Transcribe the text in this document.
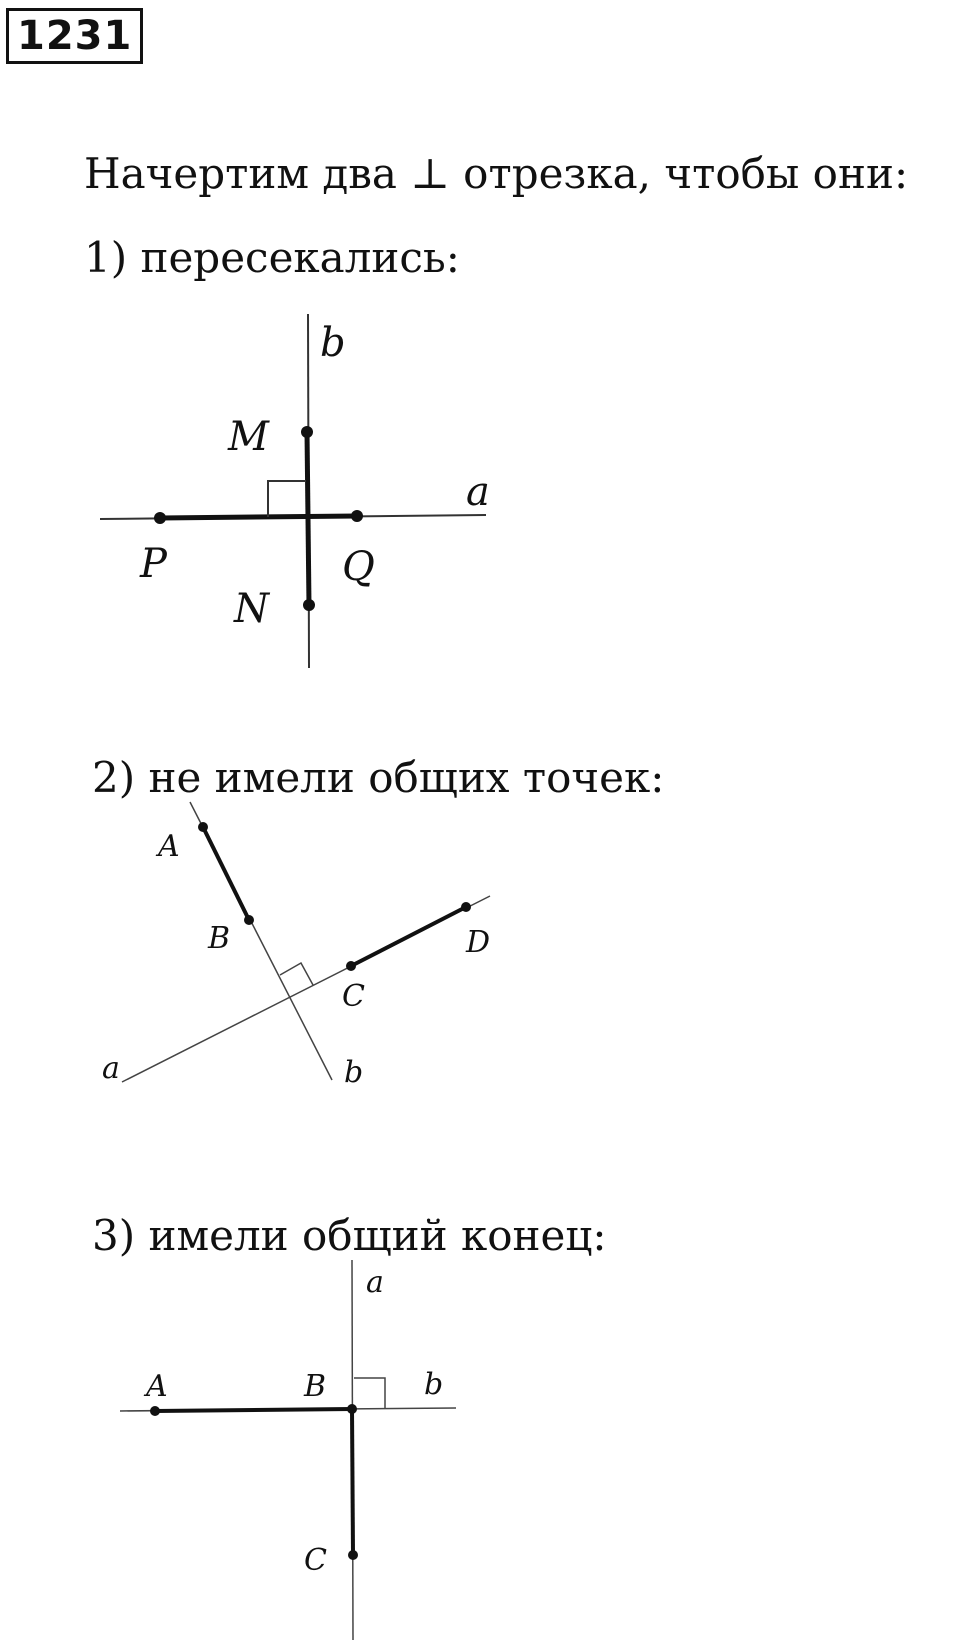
1231
Начертим два ⊥ отрезка, чтобы они:
1) пересекались:
2) не имели общих точек:
3) имели общий конец:
b
a
M
P	Q
N
A
B
C
D
a	b
a
A	B	b
C
